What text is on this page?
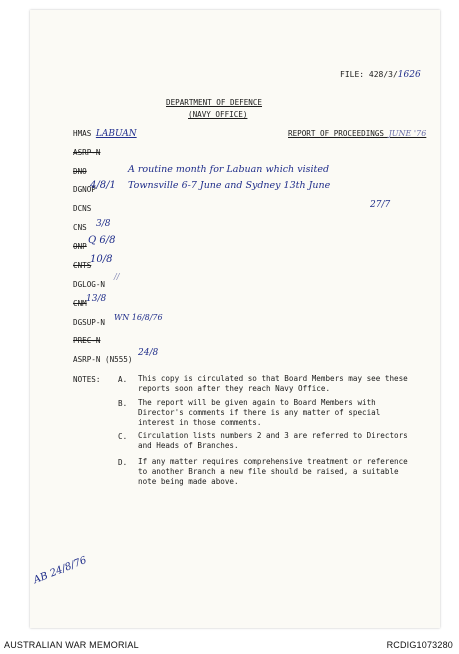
FILE: 428/3/1626
DEPARTMENT OF DEFENCE
(NAVY OFFICE)
HMAS LABUAN	REPORT OF PROCEEDINGS JUNE '76
ASRP-N
DNO
DGNOP
4/8/1
DCNS
CNS 3/8
ONP
Q 6/8
CNTS
10/8
DGLOG-N
//
CNM 13/8
DGSUP-N
WN 16/8/76
PREC-N
ASRP-N (N555)
24/8
A routine month for Labuan which visited
Townsville 6-7 June and Sydney 13th June
27/7
NOTES: A. This copy is circulated so that Board Members may see these reports soon after they reach Navy Office.
B. The report will be given again to Board Members with Director's comments if there is any matter of special interest in those comments.
C. Circulation lists numbers 2 and 3 are referred to Directors and Heads of Branches.
D. If any matter requires comprehensive treatment or reference to another Branch a new file should be raised, a suitable note being made above.
AB 24/8/76
AUSTRALIAN WAR MEMORIAL	RCDIG1073280
